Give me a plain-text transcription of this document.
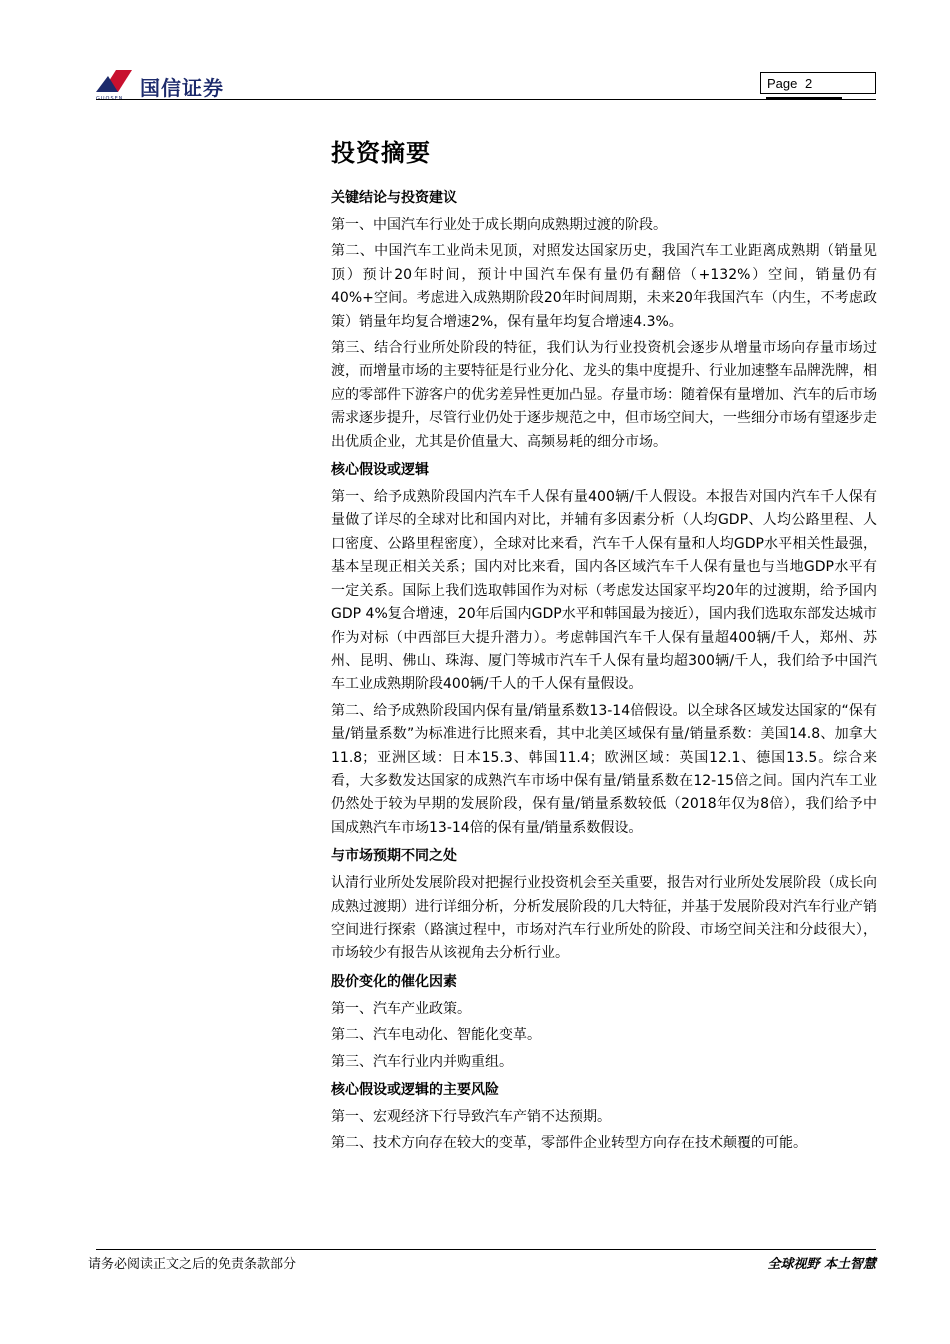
国信证券
GUOSEN
Page 2
投资摘要
关键结论与投资建议

第一、中国汽车行业处于成长期向成熟期过渡的阶段。

第二、中国汽车工业尚未见顶，对照发达国家历史，我国汽车工业距离成熟期（销量见顶）预计20年时间，预计中国汽车保有量仍有翻倍（+132%）空间，销量仍有40%+空间。考虑进入成熟期阶段20年时间周期，未来20年我国汽车（内生，不考虑政策）销量年均复合增速2%，保有量年均复合增速4.3%。

第三、结合行业所处阶段的特征，我们认为行业投资机会逐步从增量市场向存量市场过渡，而增量市场的主要特征是行业分化、龙头的集中度提升、行业加速整车品牌洗牌，相应的零部件下游客户的优劣差异性更加凸显。存量市场：随着保有量增加、汽车的后市场需求逐步提升，尽管行业仍处于逐步规范之中，但市场空间大，一些细分市场有望逐步走出优质企业，尤其是价值量大、高频易耗的细分市场。

核心假设或逻辑

第一、给予成熟阶段国内汽车千人保有量400辆/千人假设。本报告对国内汽车千人保有量做了详尽的全球对比和国内对比，并辅有多因素分析（人均GDP、人均公路里程、人口密度、公路里程密度），全球对比来看，汽车千人保有量和人均GDP水平相关性最强，基本呈现正相关关系；国内对比来看，国内各区域汽车千人保有量也与当地GDP水平有一定关系。国际上我们选取韩国作为对标（考虑发达国家平均20年的过渡期，给予国内GDP 4%复合增速，20年后国内GDP水平和韩国最为接近），国内我们选取东部发达城市作为对标（中西部巨大提升潜力）。考虑韩国汽车千人保有量超400辆/千人，郑州、苏州、昆明、佛山、珠海、厦门等城市汽车千人保有量均超300辆/千人，我们给予中国汽车工业成熟期阶段400辆/千人的千人保有量假设。

第二、给予成熟阶段国内保有量/销量系数13-14倍假设。以全球各区域发达国家的“保有量/销量系数”为标准进行比照来看，其中北美区域保有量/销量系数：美国14.8、加拿大11.8；亚洲区域：日本15.3、韩国11.4；欧洲区域：英国12.1、德国13.5。综合来看，大多数发达国家的成熟汽车市场中保有量/销量系数在12-15倍之间。国内汽车工业仍然处于较为早期的发展阶段，保有量/销量系数较低（2018年仅为8倍），我们给予中国成熟汽车市场13-14倍的保有量/销量系数假设。

与市场预期不同之处

认清行业所处发展阶段对把握行业投资机会至关重要，报告对行业所处发展阶段（成长向成熟过渡期）进行详细分析，分析发展阶段的几大特征，并基于发展阶段对汽车行业产销空间进行探索（路演过程中，市场对汽车行业所处的阶段、市场空间关注和分歧很大），市场较少有报告从该视角去分析行业。

股价变化的催化因素

第一、汽车产业政策。

第二、汽车电动化、智能化变革。

第三、汽车行业内并购重组。

核心假设或逻辑的主要风险

第一、宏观经济下行导致汽车产销不达预期。

第二、技术方向存在较大的变革，零部件企业转型方向存在技术颠覆的可能。

请务必阅读正文之后的免责条款部分	全球视野 本土智慧
